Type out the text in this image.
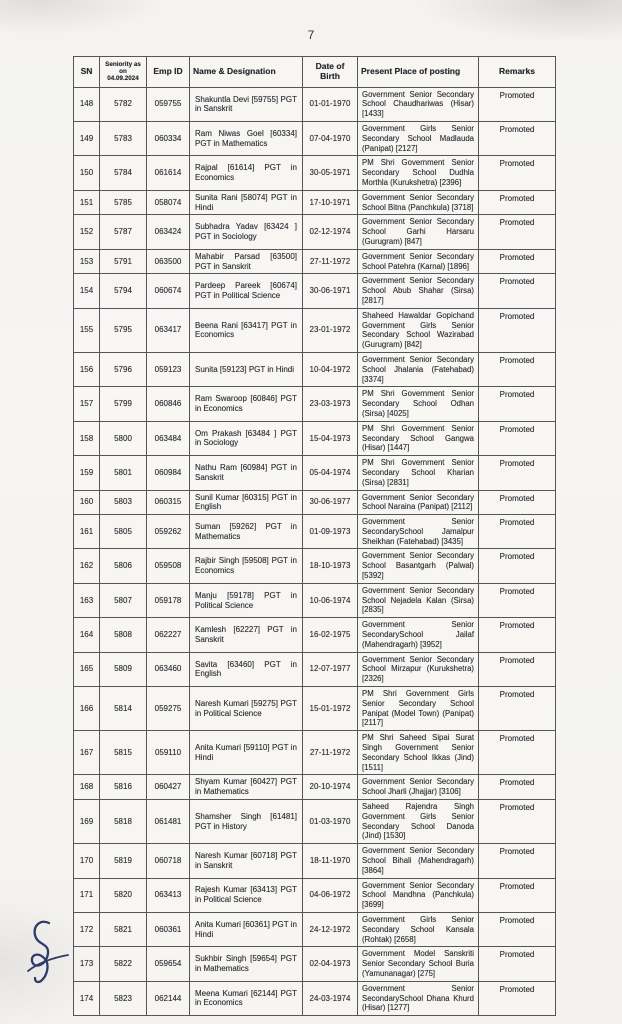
7
SN	Seniority as on 04.09.2024	Emp ID	Name & Designation	Date of Birth	Present Place of posting	Remarks
148	5782	059755	Shakuntla Devi [59755] PGT in Sanskrit	01-01-1970	Government Senior Secondary School Chaudhariwas (Hisar) [1433]	Promoted
149	5783	060334	Ram Niwas Goel [60334] PGT in Mathematics	07-04-1970	Government Girls Senior Secondary School Madlauda (Panipat) [2127]	Promoted
150	5784	061614	Rajpal [61614] PGT in Economics	30-05-1971	PM Shri Government Senior Secondary School Dudhla Morthla (Kurukshetra) [2396]	Promoted
151	5785	058074	Sunita Rani [58074] PGT in Hindi	17-10-1971	Government Senior Secondary School Bitna (Panchkula) [3718]	Promoted
152	5787	063424	Subhadra Yadav [63424 ] PGT in Sociology	02-12-1974	Government Senior Secondary School Garhi Harsaru (Gurugram) [847]	Promoted
153	5791	063500	Mahabir Parsad [63500] PGT in Sanskrit	27-11-1972	Government Senior Secondary School Patehra (Karnal) [1896]	Promoted
154	5794	060674	Pardeep Pareek [60674] PGT in Political Science	30-06-1971	Government Senior Secondary School Abub Shahar (Sirsa) [2817]	Promoted
155	5795	063417	Beena Rani [63417] PGT in Economics	23-01-1972	Shaheed Hawaldar Gopichand Government Girls Senior Secondary School Wazirabad (Gurugram) [842]	Promoted
156	5796	059123	Sunita [59123] PGT in Hindi	10-04-1972	Government Senior Secondary School Jhalania (Fatehabad) [3374]	Promoted
157	5799	060846	Ram Swaroop [60846] PGT in Economics	23-03-1973	PM Shri Government Senior Secondary School Odhan (Sirsa) [4025]	Promoted
158	5800	063484	Om Prakash [63484 ] PGT in Sociology	15-04-1973	PM Shri Government Senior Secondary School Gangwa (Hisar) [1447]	Promoted
159	5801	060984	Nathu Ram [60984] PGT in Sanskrit	05-04-1974	PM Shri Government Senior Secondary School Kharian (Sirsa) [2831]	Promoted
160	5803	060315	Sunil Kumar [60315] PGT in English	30-06-1977	Government Senior Secondary School Naraina (Panipat) [2112]	Promoted
161	5805	059262	Suman [59262] PGT in Mathematics	01-09-1973	Government Senior SecondarySchool Jamalpur Sheikhan (Fatehabad) [3435]	Promoted
162	5806	059508	Rajbir Singh [59508] PGT in Economics	18-10-1973	Government Senior Secondary School Basantgarh (Palwal) [5392]	Promoted
163	5807	059178	Manju [59178] PGT in Political Science	10-06-1974	Government Senior Secondary School Nejadela Kalan (Sirsa) [2835]	Promoted
164	5808	062227	Kamlesh [62227] PGT in Sanskrit	16-02-1975	Government Senior SecondarySchool Jailaf (Mahendragarh) [3952]	Promoted
165	5809	063460	Savita [63460] PGT in English	12-07-1977	Government Senior Secondary School Mirzapur (Kurukshetra) [2326]	Promoted
166	5814	059275	Naresh Kumari [59275] PGT in Political Science	15-01-1972	PM Shri Government Girls Senior Secondary School Panipat (Model Town) (Panipat) [2117]	Promoted
167	5815	059110	Anita Kumari [59110] PGT in Hindi	27-11-1972	PM Shri Saheed Sipai Surat Singh Government Senior Secondary School Ikkas (Jind) [1511]	Promoted
168	5816	060427	Shyam Kumar [60427] PGT in Mathematics	20-10-1974	Government Senior Secondary School Jharli (Jhajjar) [3106]	Promoted
169	5818	061481	Shamsher Singh [61481] PGT in History	01-03-1970	Saheed Rajendra Singh Government Girls Senior Secondary School Danoda (Jind) [1530]	Promoted
170	5819	060718	Naresh Kumar [60718] PGT in Sanskrit	18-11-1970	Government Senior Secondary School Bihali (Mahendragarh) [3864]	Promoted
171	5820	063413	Rajesh Kumar [63413] PGT in Political Science	04-06-1972	Government Senior Secondary School Mandhna (Panchkula) [3699]	Promoted
172	5821	060361	Anita Kumari [60361] PGT in Hindi	24-12-1972	Government Girls Senior Secondary School Kansala (Rohtak) [2658]	Promoted
173	5822	059654	Sukhbir Singh [59654] PGT in Mathematics	02-04-1973	Government Model Sanskriti Senior Secondary School Buria (Yamunanagar) [275]	Promoted
174	5823	062144	Meena Kumari [62144] PGT in Economics	24-03-1974	Government Senior SecondarySchool Dhana Khurd (Hisar) [1277]	Promoted
